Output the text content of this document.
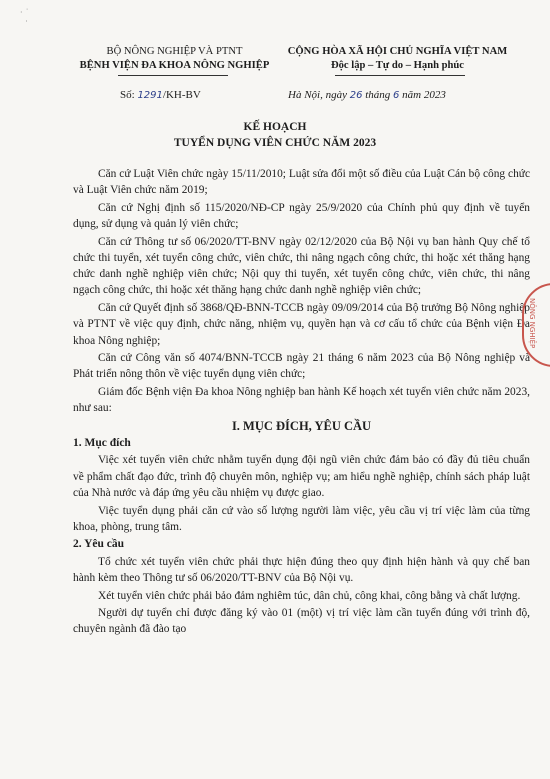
· ˙
·
BỘ NÔNG NGHIỆP VÀ PTNT
BỆNH VIỆN ĐA KHOA NÔNG NGHIỆP
CỘNG HÒA XÃ HỘI CHỦ NGHĨA VIỆT NAM
Độc lập – Tự do – Hạnh phúc
Số: 1291/KH-BV	Hà Nội, ngày 26 tháng 6 năm 2023
KẾ HOẠCH
TUYỂN DỤNG VIÊN CHỨC NĂM 2023

Căn cứ Luật Viên chức ngày 15/11/2010; Luật sửa đổi một số điều của Luật Cán bộ công chức và Luật Viên chức năm 2019;

Căn cứ Nghị định số 115/2020/NĐ-CP ngày 25/9/2020 của Chính phủ quy định về tuyển dụng, sử dụng và quản lý viên chức;

Căn cứ Thông tư số 06/2020/TT-BNV ngày 02/12/2020 của Bộ Nội vụ ban hành Quy chế tổ chức thi tuyển, xét tuyển công chức, viên chức, thi nâng ngạch công chức, thi hoặc xét thăng hạng chức danh nghề nghiệp viên chức; Nội quy thi tuyển, xét tuyển công chức, viên chức, thi nâng ngạch công chức, thi hoặc xét thăng hạng chức danh nghề nghiệp viên chức;

Căn cứ Quyết định số 3868/QĐ-BNN-TCCB ngày 09/09/2014 của Bộ trưởng Bộ Nông nghiệp và PTNT về việc quy định, chức năng, nhiệm vụ, quyền hạn và cơ cấu tổ chức của Bệnh viện Đa khoa Nông nghiệp;

Căn cứ Công văn số 4074/BNN-TCCB ngày 21 tháng 6 năm 2023 của Bộ Nông nghiệp và Phát triển nông thôn về việc tuyển dụng viên chức;

Giám đốc Bệnh viện Đa khoa Nông nghiệp ban hành Kế hoạch xét tuyển viên chức năm 2023, như sau:

I. MỤC ĐÍCH, YÊU CẦU
1. Mục đích

Việc xét tuyển viên chức nhằm tuyển dụng đội ngũ viên chức đảm bảo có đầy đủ tiêu chuẩn về phẩm chất đạo đức, trình độ chuyên môn, nghiệp vụ; am hiểu nghề nghiệp, chính sách pháp luật của Nhà nước và đáp ứng yêu cầu nhiệm vụ được giao.

Việc tuyển dụng phải căn cứ vào số lượng người làm việc, yêu cầu vị trí việc làm của từng khoa, phòng, trung tâm.

2. Yêu cầu

Tổ chức xét tuyển viên chức phải thực hiện đúng theo quy định hiện hành và quy chế ban hành kèm theo Thông tư số 06/2020/TT-BNV của Bộ Nội vụ.

Xét tuyển viên chức phải bảo đảm nghiêm túc, dân chủ, công khai, công bằng và chất lượng.

Người dự tuyển chỉ được đăng ký vào 01 (một) vị trí việc làm cần tuyển đúng với trình độ, chuyên ngành đã đào tạo

NÔNG NGHIỆP
